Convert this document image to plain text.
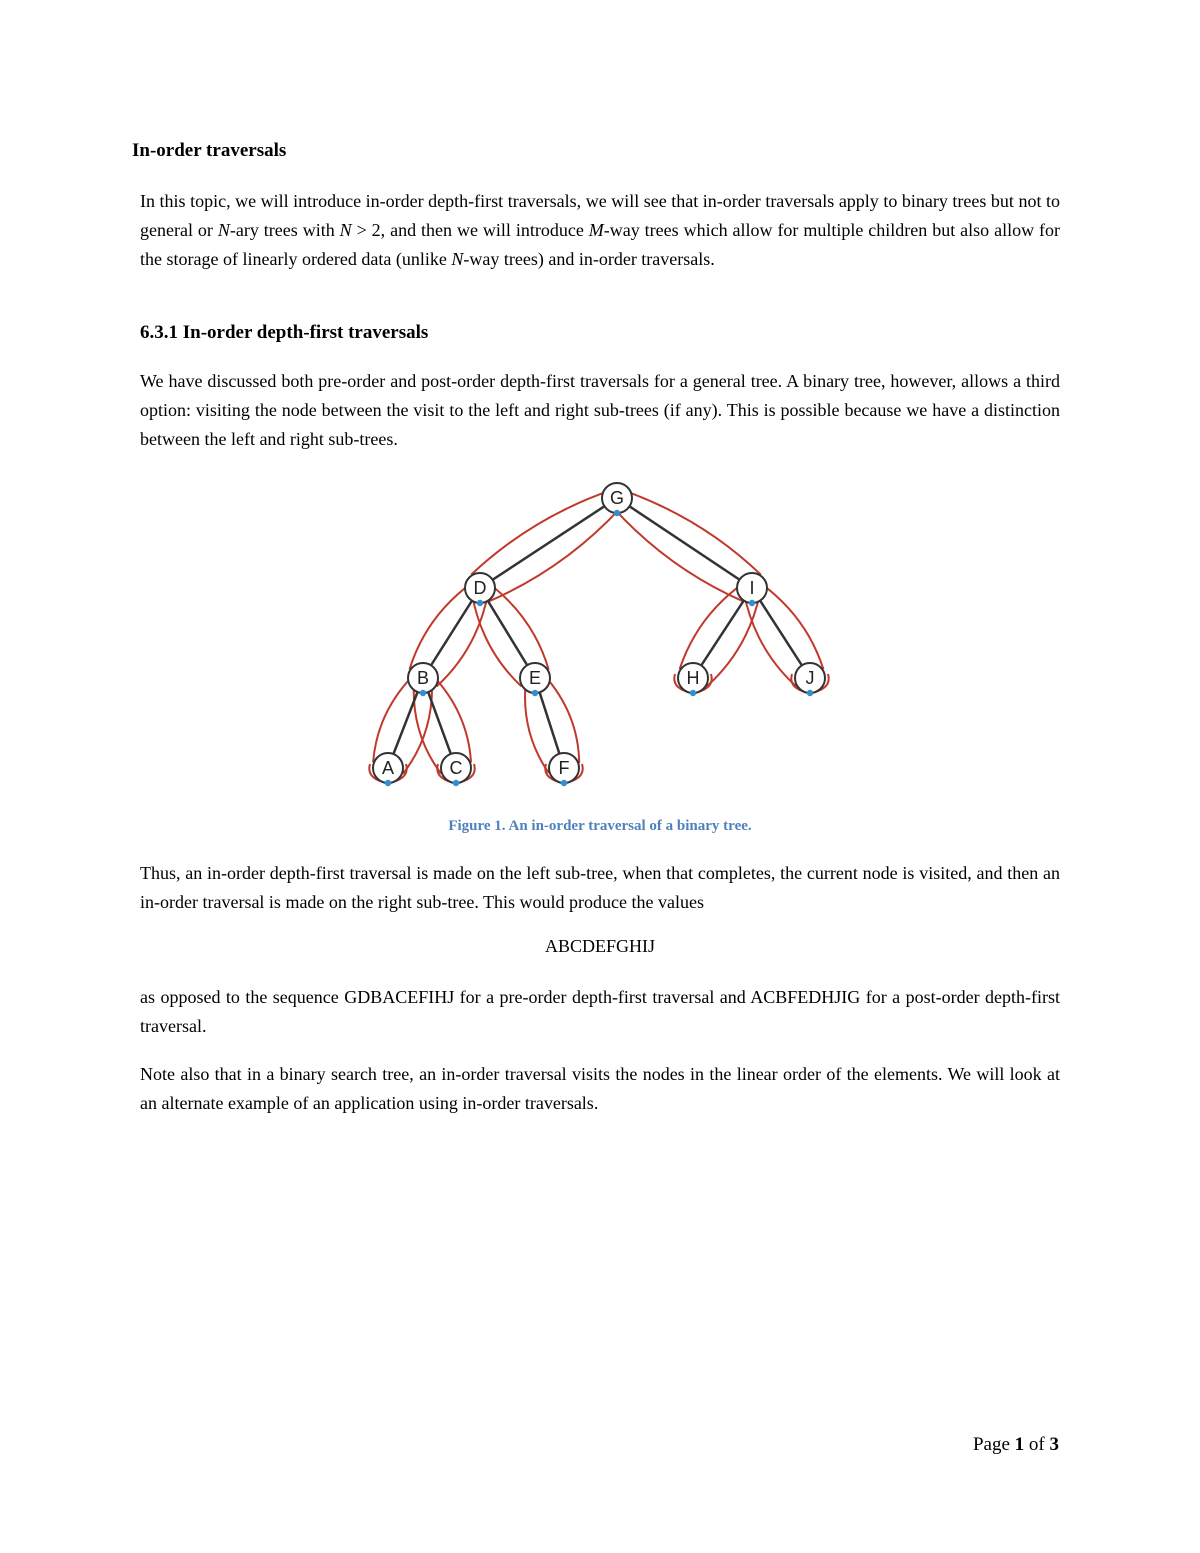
In-order traversals

In this topic, we will introduce in-order depth-first traversals, we will see that in-order traversals apply to binary trees but not to general or N-ary trees with N > 2, and then we will introduce M-way trees which allow for multiple children but also allow for the storage of linearly ordered data (unlike N-way trees) and in-order traversals.

6.3.1 In-order depth-first traversals

We have discussed both pre-order and post-order depth-first traversals for a general tree. A binary tree, however, allows a third option: visiting the node between the visit to the left and right sub-trees (if any). This is possible because we have a distinction between the left and right sub-trees.

G
D	I
B	E	H	J
A	C	F
Figure 1. An in-order traversal of a binary tree.

Thus, an in-order depth-first traversal is made on the left sub-tree, when that completes, the current node is visited, and then an in-order traversal is made on the right sub-tree. This would produce the values

ABCDEFGHIJ

as opposed to the sequence GDBACEFIHJ for a pre-order depth-first traversal and ACBFEDHJIG for a post-order depth-first traversal.

Note also that in a binary search tree, an in-order traversal visits the nodes in the linear order of the elements. We will look at an alternate example of an application using in-order traversals.

Page 1 of 3
